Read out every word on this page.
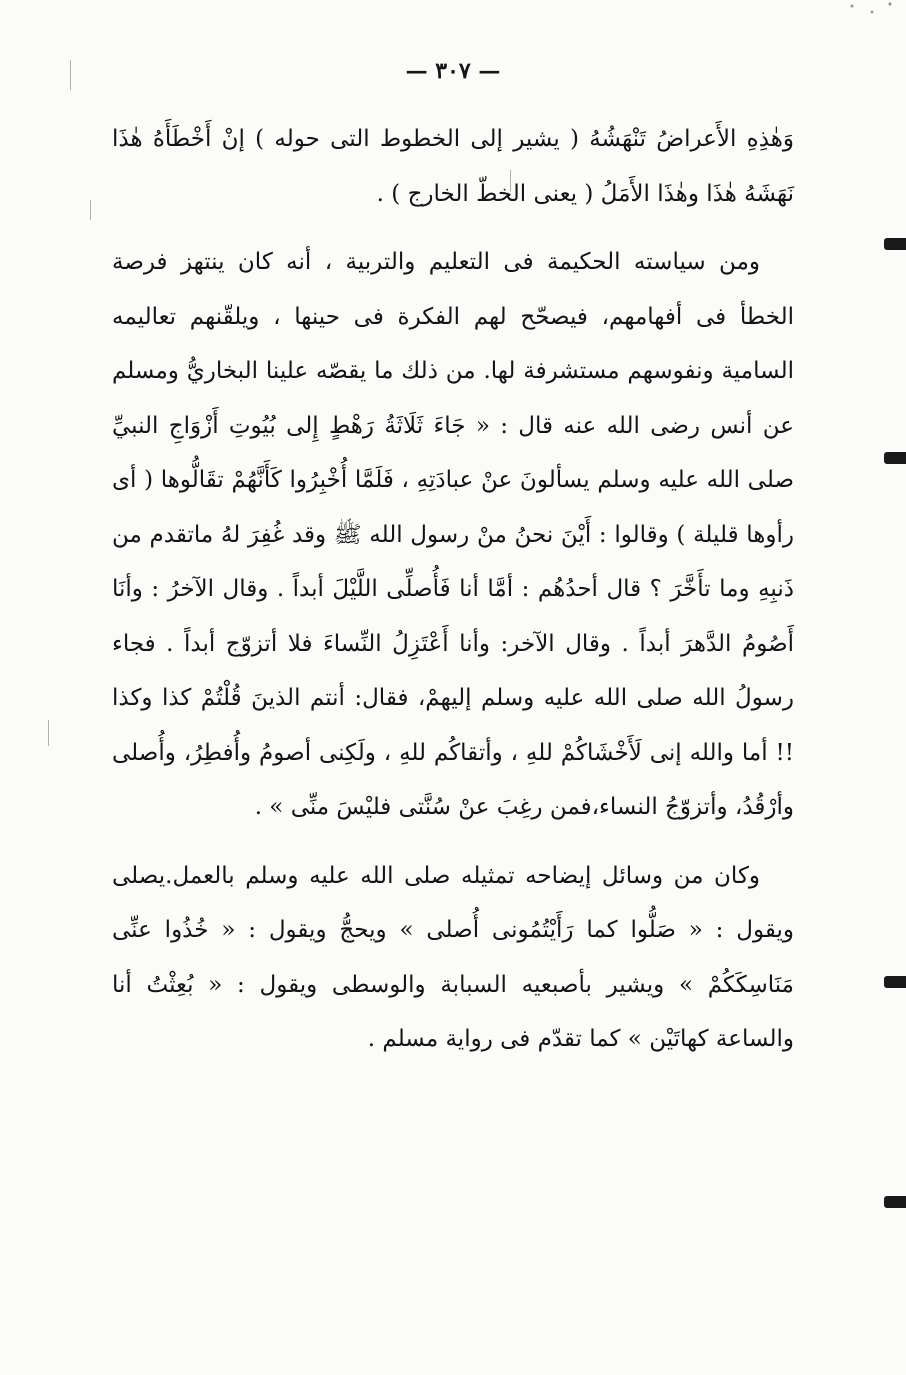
— ٣٠٧ —

وَهٰذِهِ الأَعراضُ تَنْهَشُهُ ( يشير إلى الخطوط التى حوله ) إنْ أَخْطَأَهُ هٰذَا نَهَشَهُ هٰذَا وهٰذَا الأَمَلُ ( يعنى الخطّ الخارج ) .

ومن سياسته الحكيمة فى التعليم والتربية ، أنه كان ينتهز فرصة الخطأ فى أفهامهم، فيصحّح لهم الفكرة فى حينها ، ويلقّنهم تعاليمه السامية ونفوسهم مستشرفة لها. من ذلك ما يقصّه علينا البخاريُّ ومسلم عن أنس رضى الله عنه قال : « جَاءَ ثَلَاثَةُ رَهْطٍ إِلى بُيُوتِ أَزْوَاجِ النبيِّ صلى الله عليه وسلم يسألونَ عنْ عبادَتِهِ ، فَلَمَّا أُخْبِرُوا كَأَنَّهُمْ تقَالُّوها ( أى رأوها قليلة ) وقالوا : أَيْنَ نحنُ منْ رسول الله ﷺ وقد غُفِرَ لهُ ماتقدم من ذَنبِهِ وما تأَخَّرَ ؟ قال أحدُهُم : أمَّا أنا فَأُصلِّى اللَّيْلَ أبداً . وقال الآخرُ : وأنَا أَصُومُ الدَّهرَ أبداً . وقال الآخر: وأنا أَعْتَزِلُ النِّساءَ فلا أتزوّج أبداً . فجاء رسولُ الله صلى الله عليه وسلم إليهمْ، فقال: أنتم الذينَ قُلْتُمْ كذا وكذا !! أما والله إنى لَأَخْشَاكُمْ للهِ ، وأتقاكُم للهِ ، ولَكِنى أصومُ وأُفطِرُ، وأُصلى وأرْقُدُ، وأتزوّجُ النساء،فمن رغِبَ عنْ سُنَّتى فليْسَ منِّى » .

وكان من وسائل إيضاحه تمثيله صلى الله عليه وسلم بالعمل.يصلى ويقول : « صَلُّوا كما رَأَيْتُمُونى أُصلى » ويحجُّ ويقول : « خُذُوا عنِّى مَنَاسِكَكُمْ » ويشير بأصبعيه السبابة والوسطى ويقول : « بُعِثْتُ أنا والساعة كهاتَيْن » كما تقدّم فى رواية مسلم .
